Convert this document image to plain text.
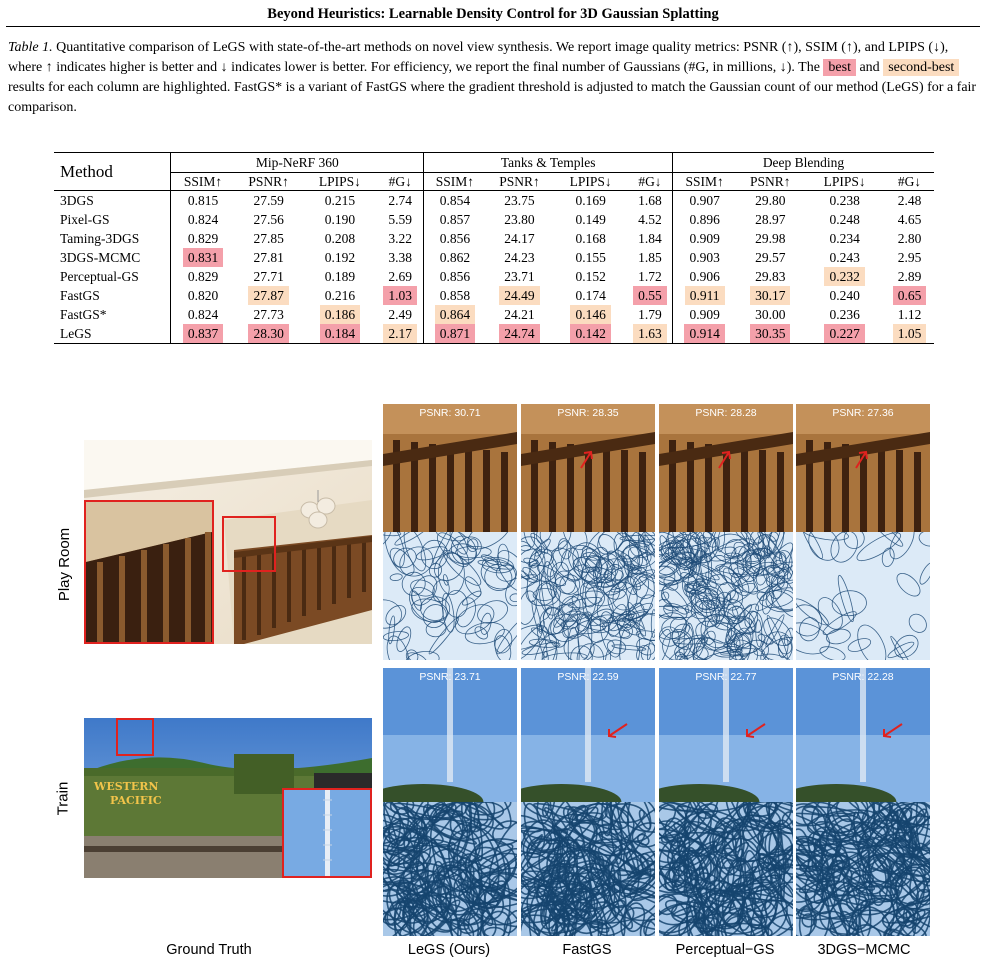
Beyond Heuristics: Learnable Density Control for 3D Gaussian Splatting
Table 1. Quantitative comparison of LeGS with state-of-the-art methods on novel view synthesis. We report image quality metrics: PSNR (↑), SSIM (↑), and LPIPS (↓), where ↑ indicates higher is better and ↓ indicates lower is better. For efficiency, we report the final number of Gaussians (#G, in millions, ↓). The best and second-best results for each column are highlighted. FastGS* is a variant of FastGS where the gradient threshold is adjusted to match the Gaussian count of our method (LeGS) for a fair comparison.
Method	Mip-NeRF 360				Tanks & Temples				Deep Blending			
	SSIM↑	PSNR↑	LPIPS↓	#G↓	SSIM↑	PSNR↑	LPIPS↓	#G↓	SSIM↑	PSNR↑	LPIPS↓	#G↓
3DGS	0.815	27.59	0.215	2.74	0.854	23.75	0.169	1.68	0.907	29.80	0.238	2.48
Pixel-GS	0.824	27.56	0.190	5.59	0.857	23.80	0.149	4.52	0.896	28.97	0.248	4.65
Taming-3DGS	0.829	27.85	0.208	3.22	0.856	24.17	0.168	1.84	0.909	29.98	0.234	2.80
3DGS-MCMC	0.831	27.81	0.192	3.38	0.862	24.23	0.155	1.85	0.903	29.57	0.243	2.95
Perceptual-GS	0.829	27.71	0.189	2.69	0.856	23.71	0.152	1.72	0.906	29.83	0.232	2.89
FastGS	0.820	27.87	0.216	1.03	0.858	24.49	0.174	0.55	0.911	30.17	0.240	0.65
FastGS*	0.824	27.73	0.186	2.49	0.864	24.21	0.146	1.79	0.909	30.00	0.236	1.12
LeGS	0.837	28.30	0.184	2.17	0.871	24.74	0.142	1.63	0.914	30.35	0.227	1.05
Play Room
Train WESTERN
PACIFIC
PSNR: 30.71
PSNR: 23.71
PSNR: 28.35
PSNR: 22.59
PSNR: 28.28
PSNR: 22.77
PSNR: 27.36
PSNR: 22.28
Ground Truth	LeGS (Ours)	FastGS	Perceptual−GS	3DGS−MCMC
